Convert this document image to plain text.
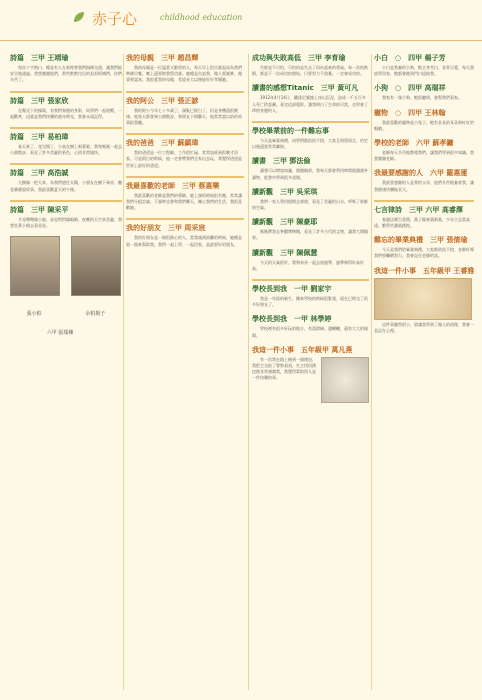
赤子心	childhood education
詩篇　三甲 王靖瑜
每次十字路口，總是有人在那裡替我們指揮交通，讓我們能安全地通過。我想謝謝他們，那些默默付出的叔叔阿姨們，你們辛苦了。
詩篇　三甲 張家欣
在陽光下的操場，有我們奔跑的身影，同學們一起遊戲，一起歡笑，這就是我們快樂的童年時光，我會永遠記得。
詩篇　三甲 易柏瑋
春天來了，花兒開了，小鳥在樹上唱著歌，我和媽媽一起去公園散步，看見了許多美麗的景色，心情非常愉快。
詩篇　三甲 高浩誠
大樹像一把大傘，為我們遮住太陽，小朋友在樹下乘涼，聽老爺爺說故事，我最喜歡夏天的午後。
詩篇　三甲 陳采平
月亮彎彎像小船，星星閃閃像眼睛，夜晚的天空真美麗，我想坐著小船去看星星。

張小柏	余柏揚子
六甲 張瑞棟
我的母親　三甲 趙昌輝
我的母親是一位溫柔又勤勞的人，每天早上很早就起床為我們準備早餐，晚上還要陪我寫功課。她總是告訴我，做人要誠實，做事要認真。我很愛我的母親，希望長大以後能好好孝順她。
我的阿公　三甲 張正諺
我的阿公今年七十多歲了，頭髮已經白了，但是身體還很健康。他每天都會到公園散步，和朋友下棋聊天，他常常說以前的故事給我聽。
我的爸爸　三甲 蘇鎮瑋
我的爸爸是一位工程師，工作很忙碌，常常加班到很晚才回家。可是假日的時候，他一定會帶我們全家出去玩，我覺得爸爸是世界上最好的爸爸。
我最喜歡的老師　三甲 蔡惠樂
我最喜歡的老師是我們的導師，她上課的時候很有趣，常常讓我們分組討論，下課時也會和我們聊天，關心我們的生活，我很喜歡她。
我的好朋友　三甲 周采宸
我的好朋友是一個很熱心的人，當我遇到困難的時候，她總是第一個來幫助我，我們一起上學，一起回家，是最要好的朋友。
成功與失敗高低　三甲 李育瑜
失敗並不可怕，可怕的是失去了再站起來的勇氣。每一次的跌倒，都是下一次成功的開始，只要努力不放棄，一定會成功的。
讀書的感想Titanic　三甲 黃可凡
1912年4月14日，鐵達尼號撞上冰山沉沒，造成一千五百多人死亡的悲劇。看完這部電影，讓我明白了生命的可貴，也學會了珍惜身邊的人。
學校畢業前的一件難忘事
今天是畢業典禮，同學們都依依不捨，大家互相寫留言，約定以後還要常常聯絡。
讀書　三甲 鄧法倫
讀書可以增加知識，開闊眼界，我每天都會利用時間閱讀課外讀物，從書中學到很多道理。
讀新觀　三甲 吳采琪
我們一家人利用假期去郊遊，看見了美麗的山水，呼吸了新鮮的空氣。
讀新觀　三甲 陳豪耶
媽媽帶我去參觀博物館，看見了許多古代的文物，讓我大開眼界。
讀新觀　三甲 陳佩慧
今天的天氣很好，我和弟弟一起去放風箏，風箏飛得好高好高。
學校長到我　一甲 劉家宇
我是一年級的新生，剛來學校的時候很緊張，現在已經交了很多好朋友了。
學校長到我　一甲 林學婷
學校裡有很多好玩的地方，有溜滑梯、盪鞦韆，還有大大的操場。
我這一件小事　五年級甲 萬凡燕
有一次我在路上撿到一個錢包，我把它交給了警察叔叔，失主找回錢包後非常感謝我，我覺得幫助別人是一件快樂的事。
小白　○　四甲 楊子芳
小白是我養的小狗，牠全身雪白，非常可愛，每天我放學回家，牠都會跑到門口迎接我。
小狗　○　四甲 高瑞祥
我家有一隻小狗，牠很聰明，會幫我們看家。
寵物　○　四甲 王林翰
我最喜歡的寵物是小兔子，牠有長長的耳朵和紅紅的眼睛。
學校的老師　六甲 蘇孝鏞
老師每天辛苦地教導我們，讓我們學到很多知識，我要謝謝老師。
我最要感謝的人　六甲 羅惠蓮
我最要感謝的人是我的父母，他們辛苦地養育我，讓我健康快樂地長大。
七言律詩　三甲 六甲 高睿澤
春風送暖百花開，燕子歸來築新巢，少年立志當高遠，勤學苦讀莫蹉跎。
難忘的畢業典禮　三甲 張倩瑜
今天是我們的畢業典禮，大家都依依不捨，老師叮嚀我們要繼續努力，我會記住老師的話。
我這一件小事　五年級甲 王睿雅
這件事雖然很小，卻讓我學到了做人的道理，我會一直記在心裡。
